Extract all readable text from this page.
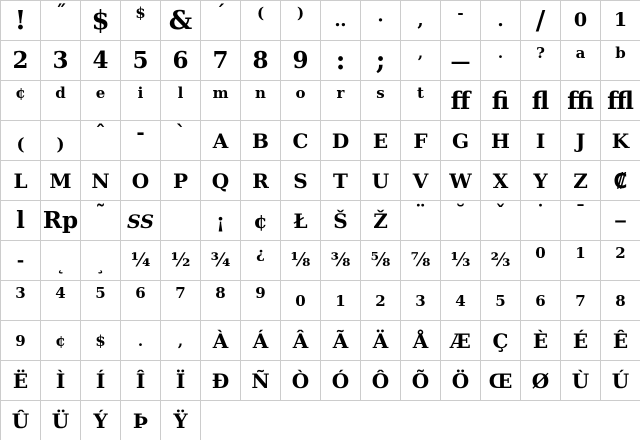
! ˝ $ $ & ´ ( ) ‥ · , - . / 0 1
2 3 4 5 6 7 8 9 : ; , — . ? a b
¢ d e i l m n o r s t ﬀ ﬁ ﬂ ﬃ ﬄ
( )
ˆ - ` A B C D E F G H I J K
L M N O P Q R S T U V W X Y Z ₡
l Rp ˜ SS	¡ ¢ Ł Š Ž ¨ ˘ ˇ ˙ ¯ ‒
- ˛ ¸ ¼ ½ ¾ ¿ ⅛ ⅜ ⅝ ⅞ ⅓ ⅔ 0 1 2
3 4 5 6 7 8 9 0 1 2 3 4 5 6 7 8
9 ¢ $ . , À Á Â Ã Ä Å Æ Ç È É Ê
Ë Ì Í Î Ï Ð Ñ Ò Ó Ô Õ Ö Œ Ø Ù Ú
Û Ü Ý Þ Ÿ
